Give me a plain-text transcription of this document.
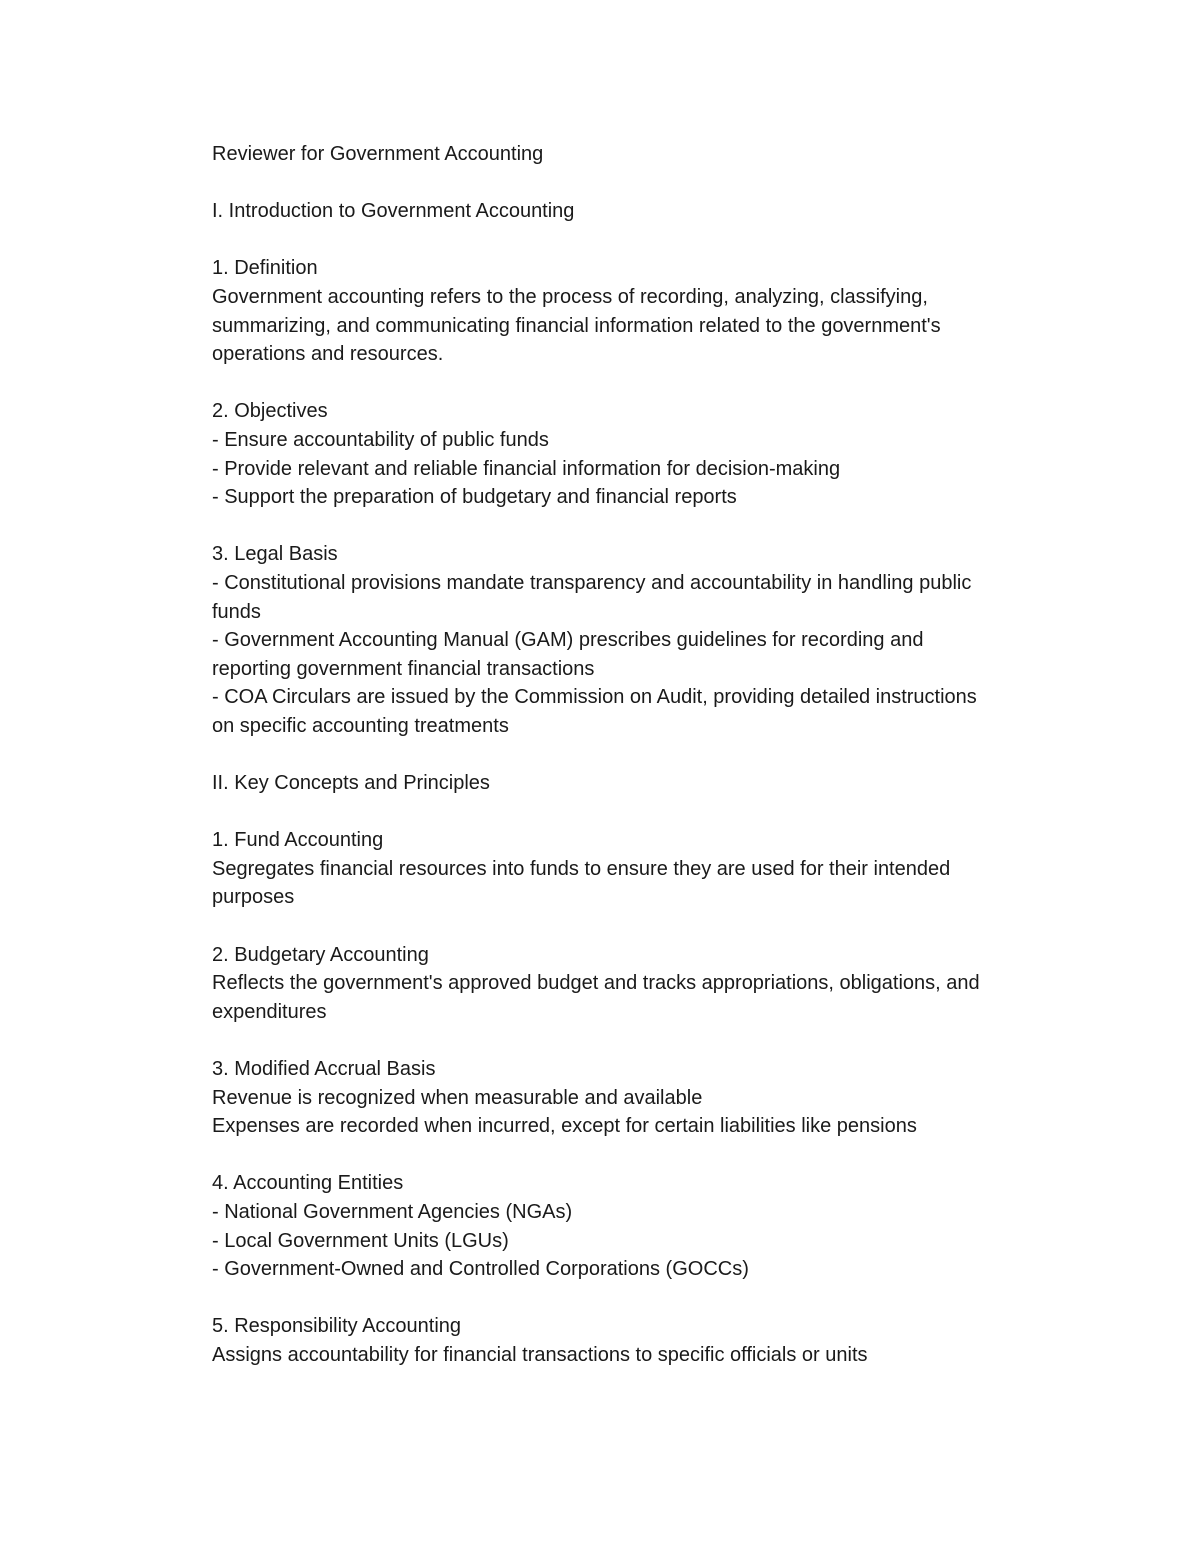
Reviewer for Government Accounting
I. Introduction to Government Accounting
1. Definition
Government accounting refers to the process of recording, analyzing, classifying,
summarizing, and communicating financial information related to the government's
operations and resources.
2. Objectives
- Ensure accountability of public funds
- Provide relevant and reliable financial information for decision-making
- Support the preparation of budgetary and financial reports
3. Legal Basis
- Constitutional provisions mandate transparency and accountability in handling public
funds
- Government Accounting Manual (GAM) prescribes guidelines for recording and
reporting government financial transactions
- COA Circulars are issued by the Commission on Audit, providing detailed instructions
on specific accounting treatments
II. Key Concepts and Principles
1. Fund Accounting
Segregates financial resources into funds to ensure they are used for their intended
purposes
2. Budgetary Accounting
Reflects the government's approved budget and tracks appropriations, obligations, and
expenditures
3. Modified Accrual Basis
Revenue is recognized when measurable and available
Expenses are recorded when incurred, except for certain liabilities like pensions
4. Accounting Entities
- National Government Agencies (NGAs)
- Local Government Units (LGUs)
- Government-Owned and Controlled Corporations (GOCCs)
5. Responsibility Accounting
Assigns accountability for financial transactions to specific officials or units
